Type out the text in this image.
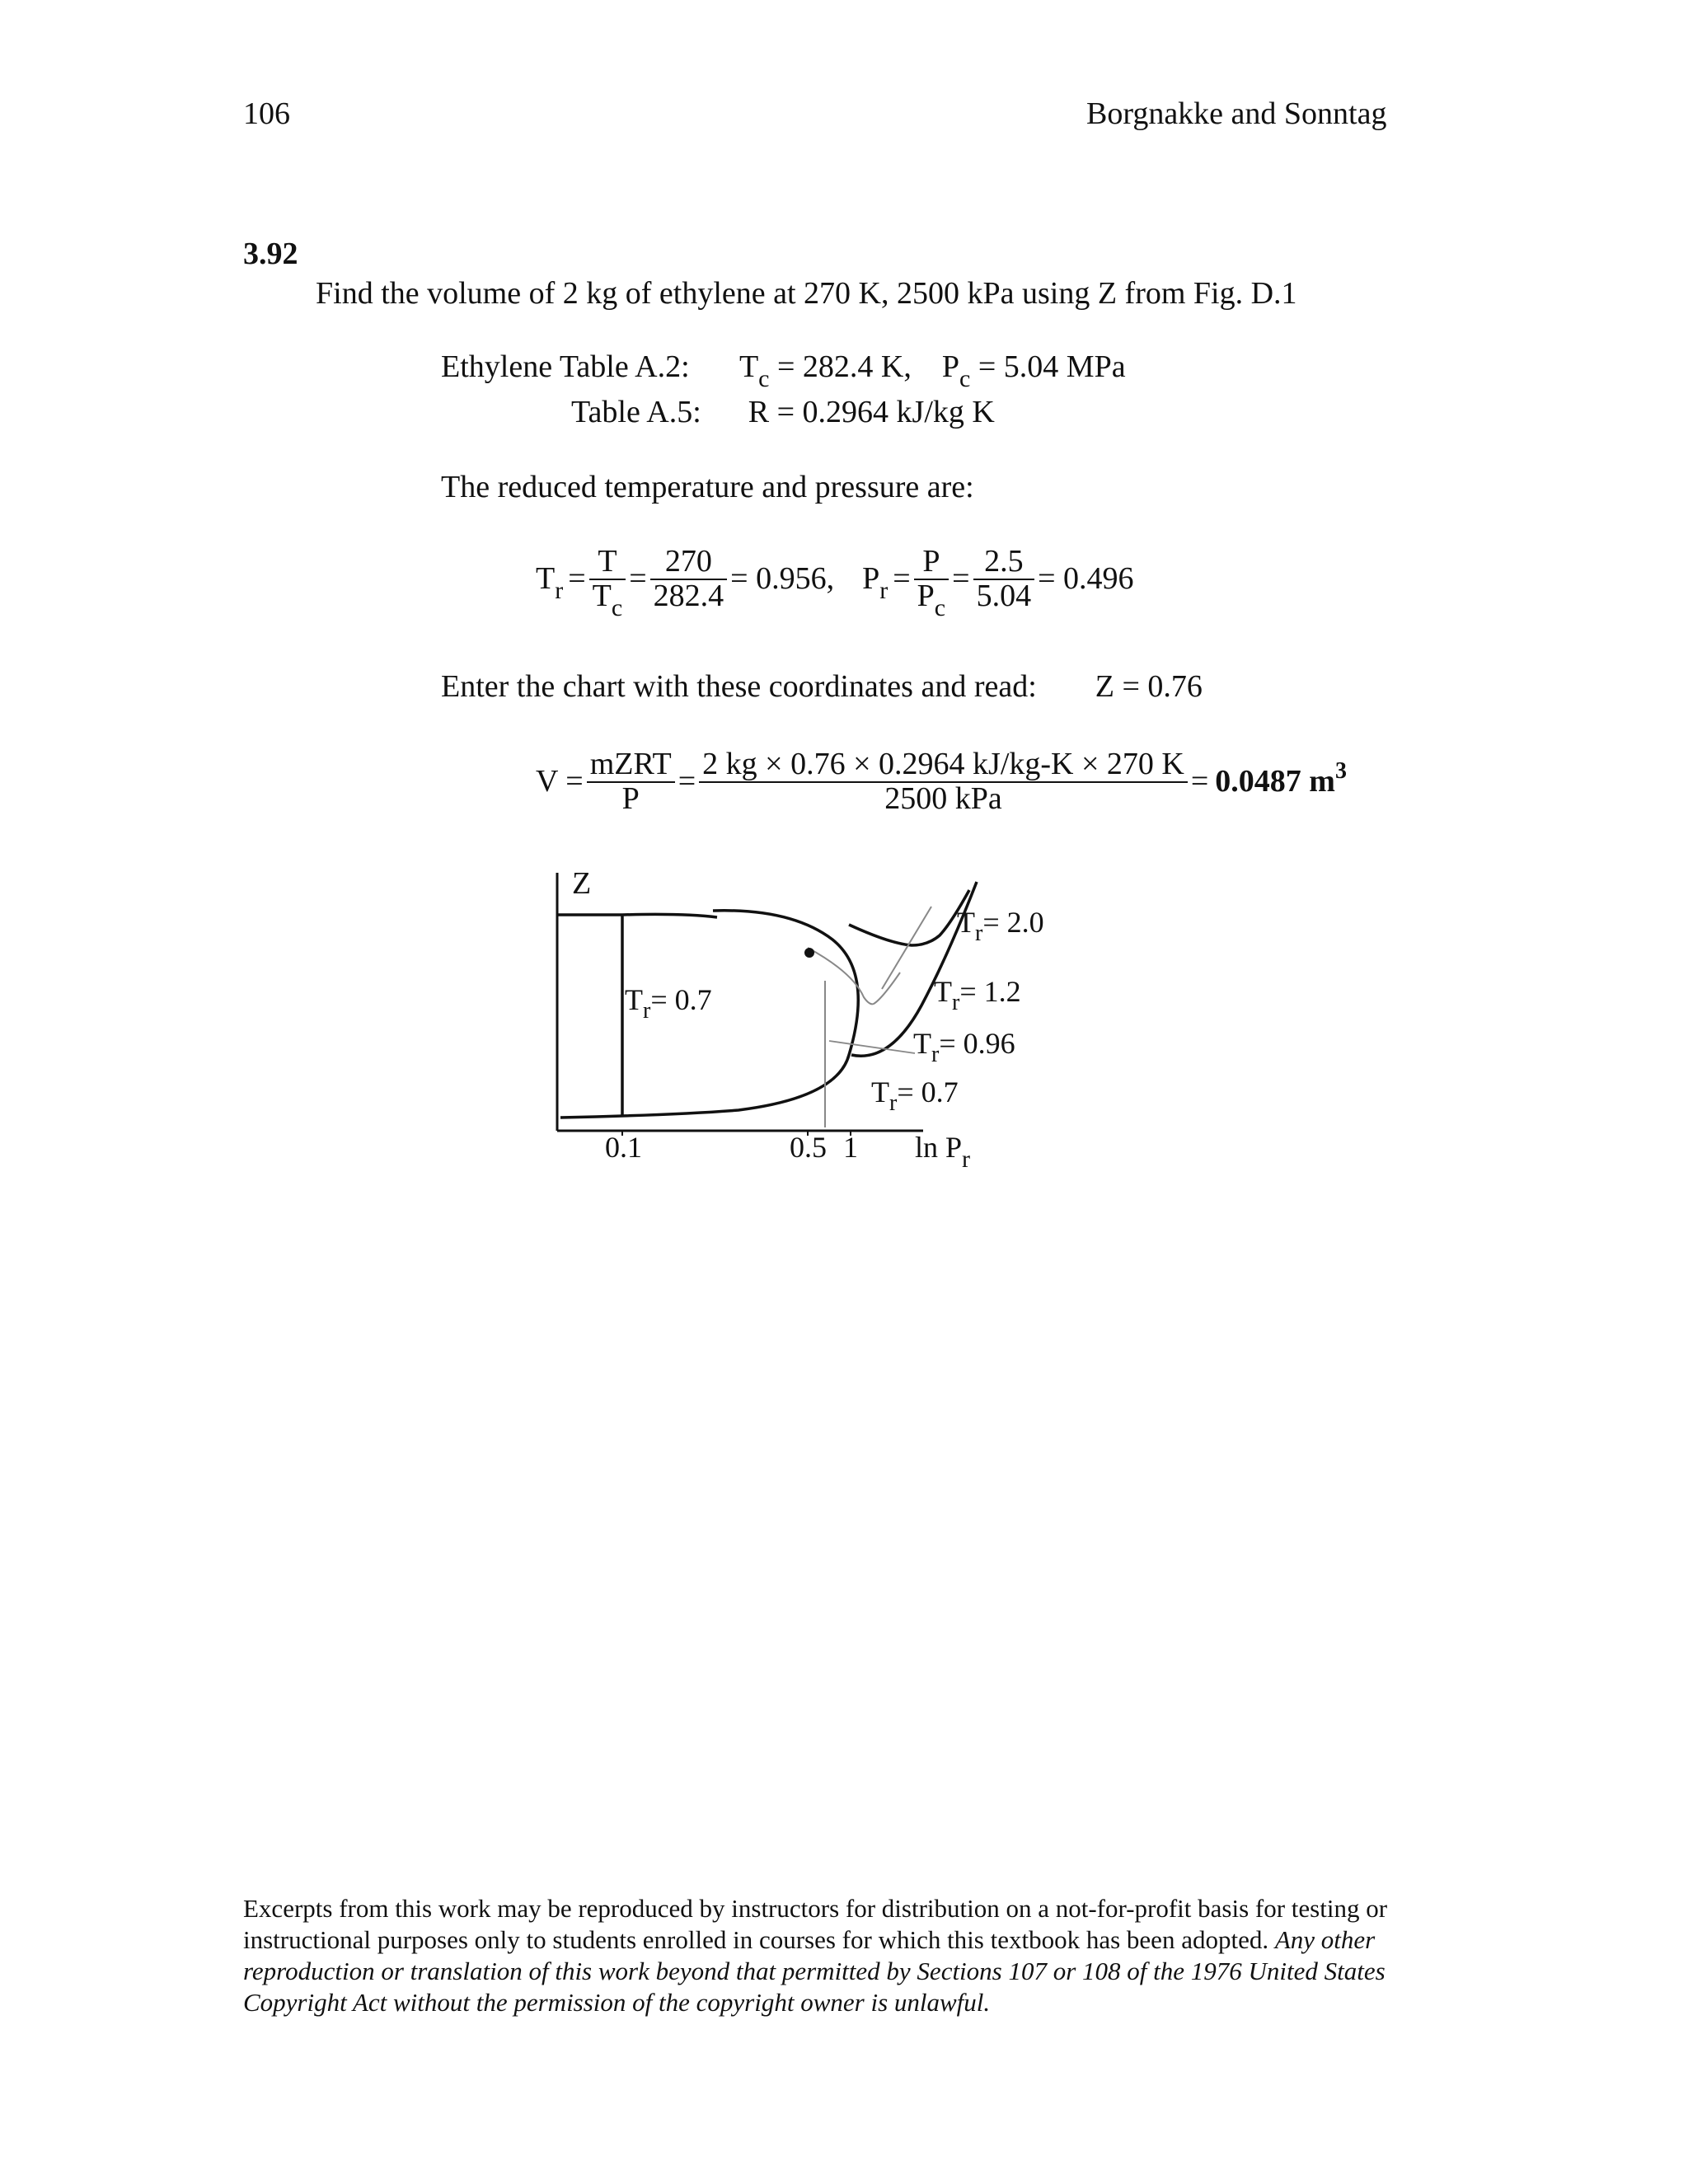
106	Borgnakke and Sonntag
3.92
Find the volume of 2 kg of ethylene at 270 K, 2500 kPa using Z from Fig. D.1
Ethylene Table A.2: $T_c = 282.4$ K, $P_c = 5.04$ MPa
Table A.5: R = 0.2964 kJ/kg K
The reduced temperature and pressure are:
$T_r = \frac{T}{T_c} = \frac{270}{282.4} = 0.956$, $P_r = \frac{P}{P_c} = \frac{2.5}{5.04} = 0.496$
Enter the chart with these coordinates and read: Z = 0.76
$V = \frac{\text{mZRT}}{P} = \frac{2 kg \times 0.76 \times 0.2964 kJ/kg-K \times 270 K}{\text{2500 kPa}} = 0.0487$ $m^3$
Z
$T_r= 0.7$
$T_r= 2.0$
$T_r= 1.2$
$T_r= 0.96$
$T_r= 0.7$
0.1	0.5 1 $\ln P_r$
Excerpts from this work may be reproduced by instructors for distribution on a not-for-profit basis for testing or instructional purposes only to students enrolled in courses for which this textbook has been adopted. Any other reproduction or translation of this work beyond that permitted by Sections 107 or 108 of the 1976 United States Copyright Act without the permission of the copyright owner is unlawful.
